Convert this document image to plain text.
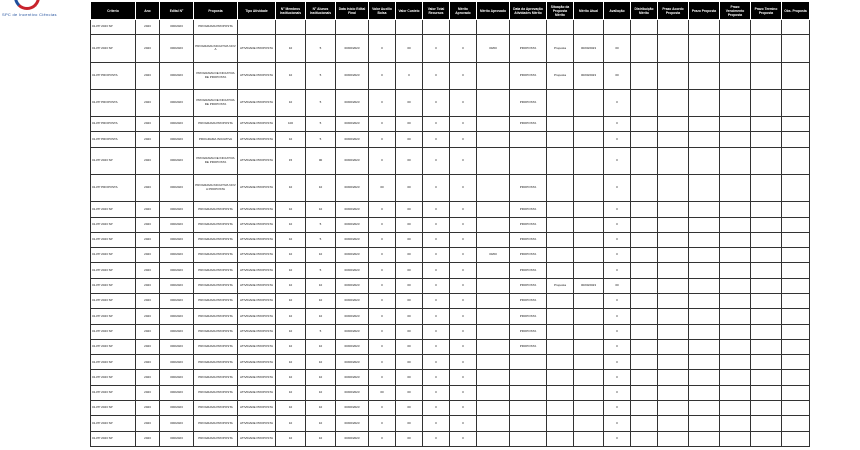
SPC de Incentivo Ciências
Criterio	Ano	Edital N°	Proposta	Tipo Atividade	N° Membros Institucionais	N° Alunos Institucionais	Data Inicio Edital Final	Valor Auxilio Bolsa	Valor Custeio	Valor Total Recursos	Mérito Aprovado	Mérito Aprovado	Data da Aprovação Atividades Mérito	Situação da Proposta Mérito	Mérito Atual	Avaliação	Distribuição Mérito	Prazo Acordo Proposta	Prazo Proposta	Prazo Vencimento Proposta	Prazo Termino Proposta	Obs. Proposta
01-PP 2023 SP	2023	000/2023	PROGRAMA PROPOSTA																			
01-PP 2023 SP	2023	000/2023	PROGRAMA INICIATIVA NOVA	ATIVIDADE PROPOSTA	10	5	00/00/2023	0	00	0	0	00/00	PROPOSTA	Proposta	00/00/2023	00						
01-PP PROPOSTA	2023	000/2023	PROGRAMA DE INICIATIVA DE PROPOSTA	ATIVIDADE PROPOSTA	10	5	00/00/2023	0	0	0	0		PROPOSTA	Proposta	00/00/2023	00						
01-PP PROPOSTA	2023	000/2023	PROGRAMA DE INICIATIVA DE PROPOSTA	ATIVIDADE PROPOSTA	10	5	00/00/2023	0	00	0	0		PROPOSTA			0						
01-PP PROPOSTA	2023	000/2023	PROGRAMA PROPOSTA	ATIVIDADE PROPOSTA	100	5	00/00/2023	0	00	0	0		PROPOSTA			0						
01-PP PROPOSTA	2023	000/2023	PROGRAMA INICIATIVA	ATIVIDADE PROPOSTA	10	5	00/00/2023	0	00	0	0					0						
01-PP 2023 SP	2023	000/2023	PROGRAMA DE INICIATIVA DE PROPOSTA	ATIVIDADE PROPOSTA	15	00	00/00/2023	0	00	0	0					0						
01-PP PROPOSTA	2023	000/2023	PROGRAMA INICIATIVA NOVA PROPOSTA	ATIVIDADE PROPOSTA	10	10	00/00/2023	00	00	0	0		PROPOSTA			0						
01-PP 2023 SP	2023	000/2023	PROGRAMA PROPOSTA	ATIVIDADE PROPOSTA	10	10	00/00/2023	0	00	0	0		PROPOSTA			0						
01-PP 2023 SP	2023	000/2023	PROGRAMA PROPOSTA	ATIVIDADE PROPOSTA	10	5	00/00/2023	0	00	0	0		PROPOSTA			0						
01-PP 2023 SP	2023	000/2023	PROGRAMA PROPOSTA	ATIVIDADE PROPOSTA	10	5	00/00/2023	0	00	0	0		PROPOSTA			0						
01-PP 2023 SP	2023	000/2023	PROGRAMA PROPOSTA	ATIVIDADE PROPOSTA	10	10	00/00/2023	0	00	0	0	00/00	PROPOSTA			0						
01-PP 2023 SP	2023	000/2023	PROGRAMA PROPOSTA	ATIVIDADE PROPOSTA	10	5	00/00/2023	0	00	0	0		PROPOSTA			0						
01-PP 2023 SP	2023	000/2023	PROGRAMA PROPOSTA	ATIVIDADE PROPOSTA	10	10	00/00/2023	0	00	0	0		PROPOSTA	Proposta	00/00/2023	00						
01-PP 2023 SP	2023	000/2023	PROGRAMA PROPOSTA	ATIVIDADE PROPOSTA	10	10	00/00/2023	0	00	0	0		PROPOSTA			0						
01-PP 2023 SP	2023	000/2023	PROGRAMA PROPOSTA	ATIVIDADE PROPOSTA	10	10	00/00/2023	0	00	0	0		PROPOSTA			0						
01-PP 2023 SP	2023	000/2023	PROGRAMA PROPOSTA	ATIVIDADE PROPOSTA	10	5	00/00/2023	0	00	0	0		PROPOSTA			0						
01-PP 2023 SP	2023	000/2023	PROGRAMA PROPOSTA	ATIVIDADE PROPOSTA	10	10	00/00/2023	0	00	0	0		PROPOSTA			0						
01-PP 2023 SP	2023	000/2023	PROGRAMA PROPOSTA	ATIVIDADE PROPOSTA	10	10	00/00/2023	0	00	0	0					0						
01-PP 2023 SP	2023	000/2023	PROGRAMA PROPOSTA	ATIVIDADE PROPOSTA	10	10	00/00/2023	0	00	0	0					0						
01-PP 2023 SP	2023	000/2023	PROGRAMA PROPOSTA	ATIVIDADE PROPOSTA	10	10	00/00/2023	00	00	0	0					0						
01-PP 2023 SP	2023	000/2023	PROGRAMA PROPOSTA	ATIVIDADE PROPOSTA	10	10	00/00/2023	0	00	0	0					0						
01-PP 2023 SP	2023	000/2023	PROGRAMA PROPOSTA	ATIVIDADE PROPOSTA	10	10	00/00/2023	0	00	0	0					0						
01-PP 2023 SP	2023	000/2023	PROGRAMA PROPOSTA	ATIVIDADE PROPOSTA	10	10	00/00/2023	0	00	0	0					0						
